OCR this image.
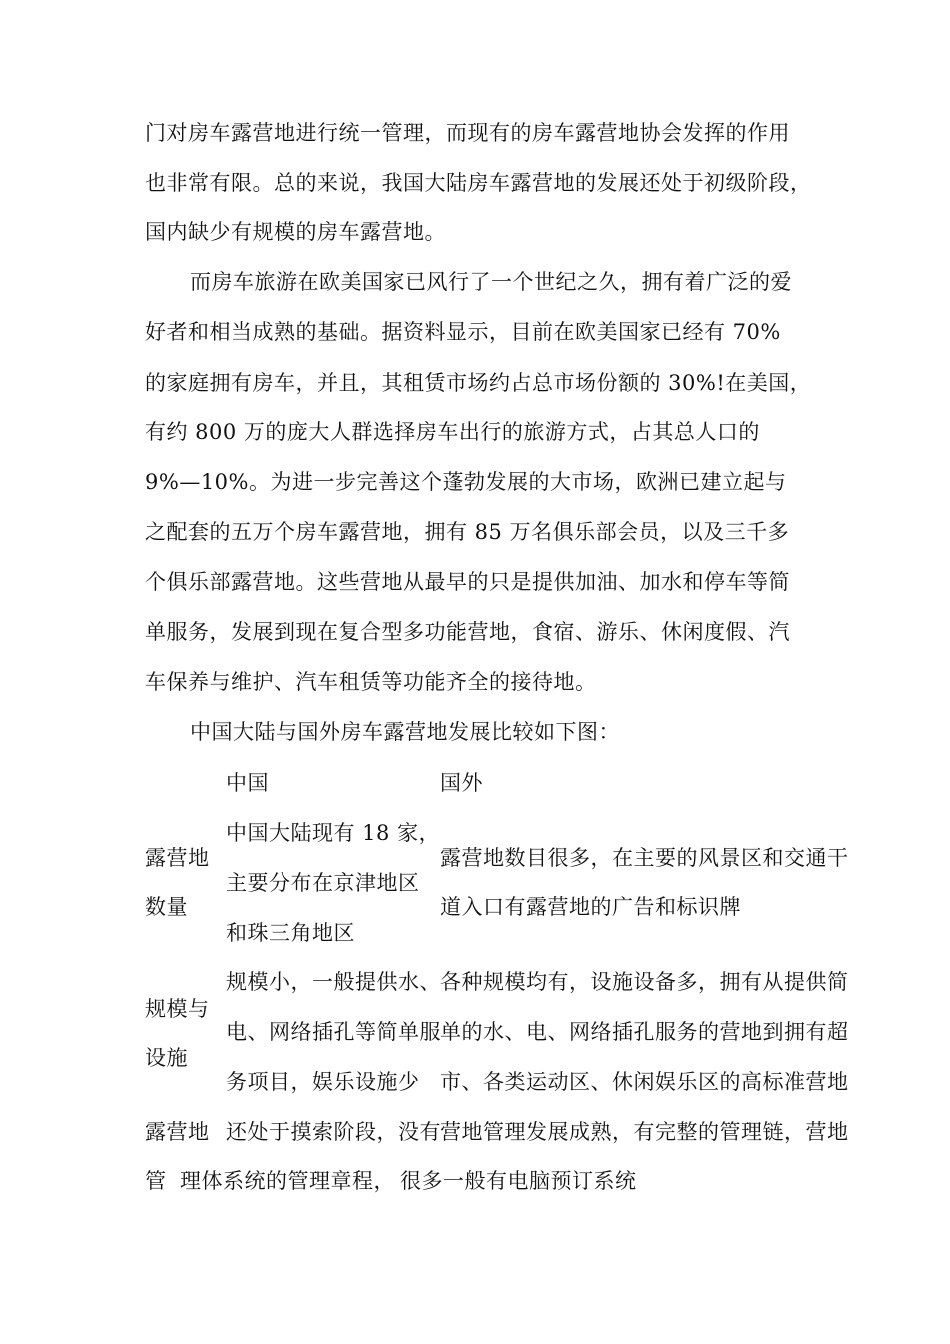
门对房车露营地进行统一管理，而现有的房车露营地协会发挥的作用
也非常有限。总的来说，我国大陆房车露营地的发展还处于初级阶段，
国内缺少有规模的房车露营地。
而房车旅游在欧美国家已风行了一个世纪之久，拥有着广泛的爱
好者和相当成熟的基础。据资料显示，目前在欧美国家已经有 70%
的家庭拥有房车，并且，其租赁市场约占总市场份额的 30%!在美国，
有约 800 万的庞大人群选择房车出行的旅游方式，占其总人口的
9%—10%。为进一步完善这个蓬勃发展的大市场，欧洲已建立起与
之配套的五万个房车露营地，拥有 85 万名俱乐部会员，以及三千多
个俱乐部露营地。这些营地从最早的只是提供加油、加水和停车等简
单服务，发展到现在复合型多功能营地，食宿、游乐、休闲度假、汽
车保养与维护、汽车租赁等功能齐全的接待地。
中国大陆与国外房车露营地发展比较如下图：
中国	国外
露营地
数量
中国大陆现有 18 家，
主要分布在京津地区
和珠三角地区
露营地数目很多，在主要的风景区和交通干
道入口有露营地的广告和标识牌
规模与
设施
规模小，一般提供水、
电、网络插孔等简单服
务项目，娱乐设施少
各种规模均有，设施设备多，拥有从提供简
单的水、电、网络插孔服务的营地到拥有超
市、各类运动区、休闲娱乐区的高标准营地
露营地
管
还处于摸索阶段，没有
理体系统的管理章程，
营地管理发展成熟，有完整的管理链，营地
很多一般有电脑预订系统
